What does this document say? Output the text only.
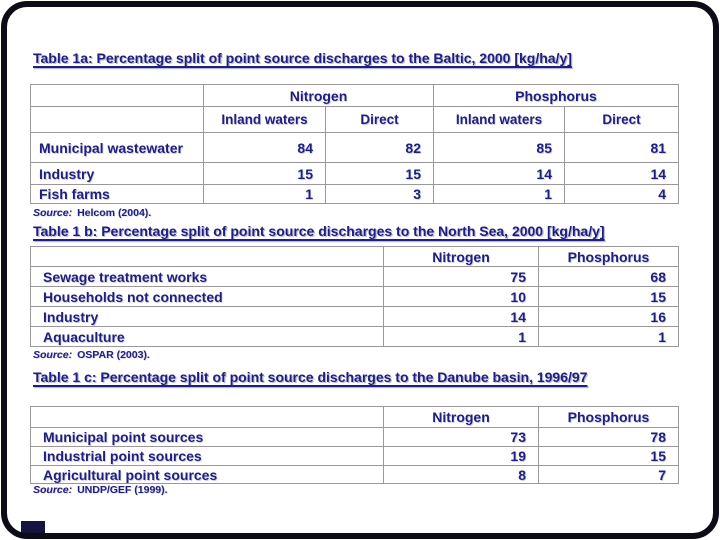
Table 1a: Percentage split of point source discharges to the Baltic, 2000 [kg/ha/y]
	Nitrogen		Phosphorus	
	Inland waters	Direct	Inland waters	Direct
Municipal wastewater	84	82	85	81
Industry	15	15	14	14
Fish farms	1	3	1	4
Source: Helcom (2004).
Table 1 b: Percentage split of point source discharges to the North Sea, 2000 [kg/ha/y]
	Nitrogen	Phosphorus
Sewage treatment works	75	68
Households not connected	10	15
Industry	14	16
Aquaculture	1	1
Source: OSPAR (2003).
Table 1 c: Percentage split of point source discharges to the Danube basin, 1996/97
	Nitrogen	Phosphorus
Municipal point sources	73	78
Industrial point sources	19	15
Agricultural point sources	8	7
Source: UNDP/GEF (1999).
